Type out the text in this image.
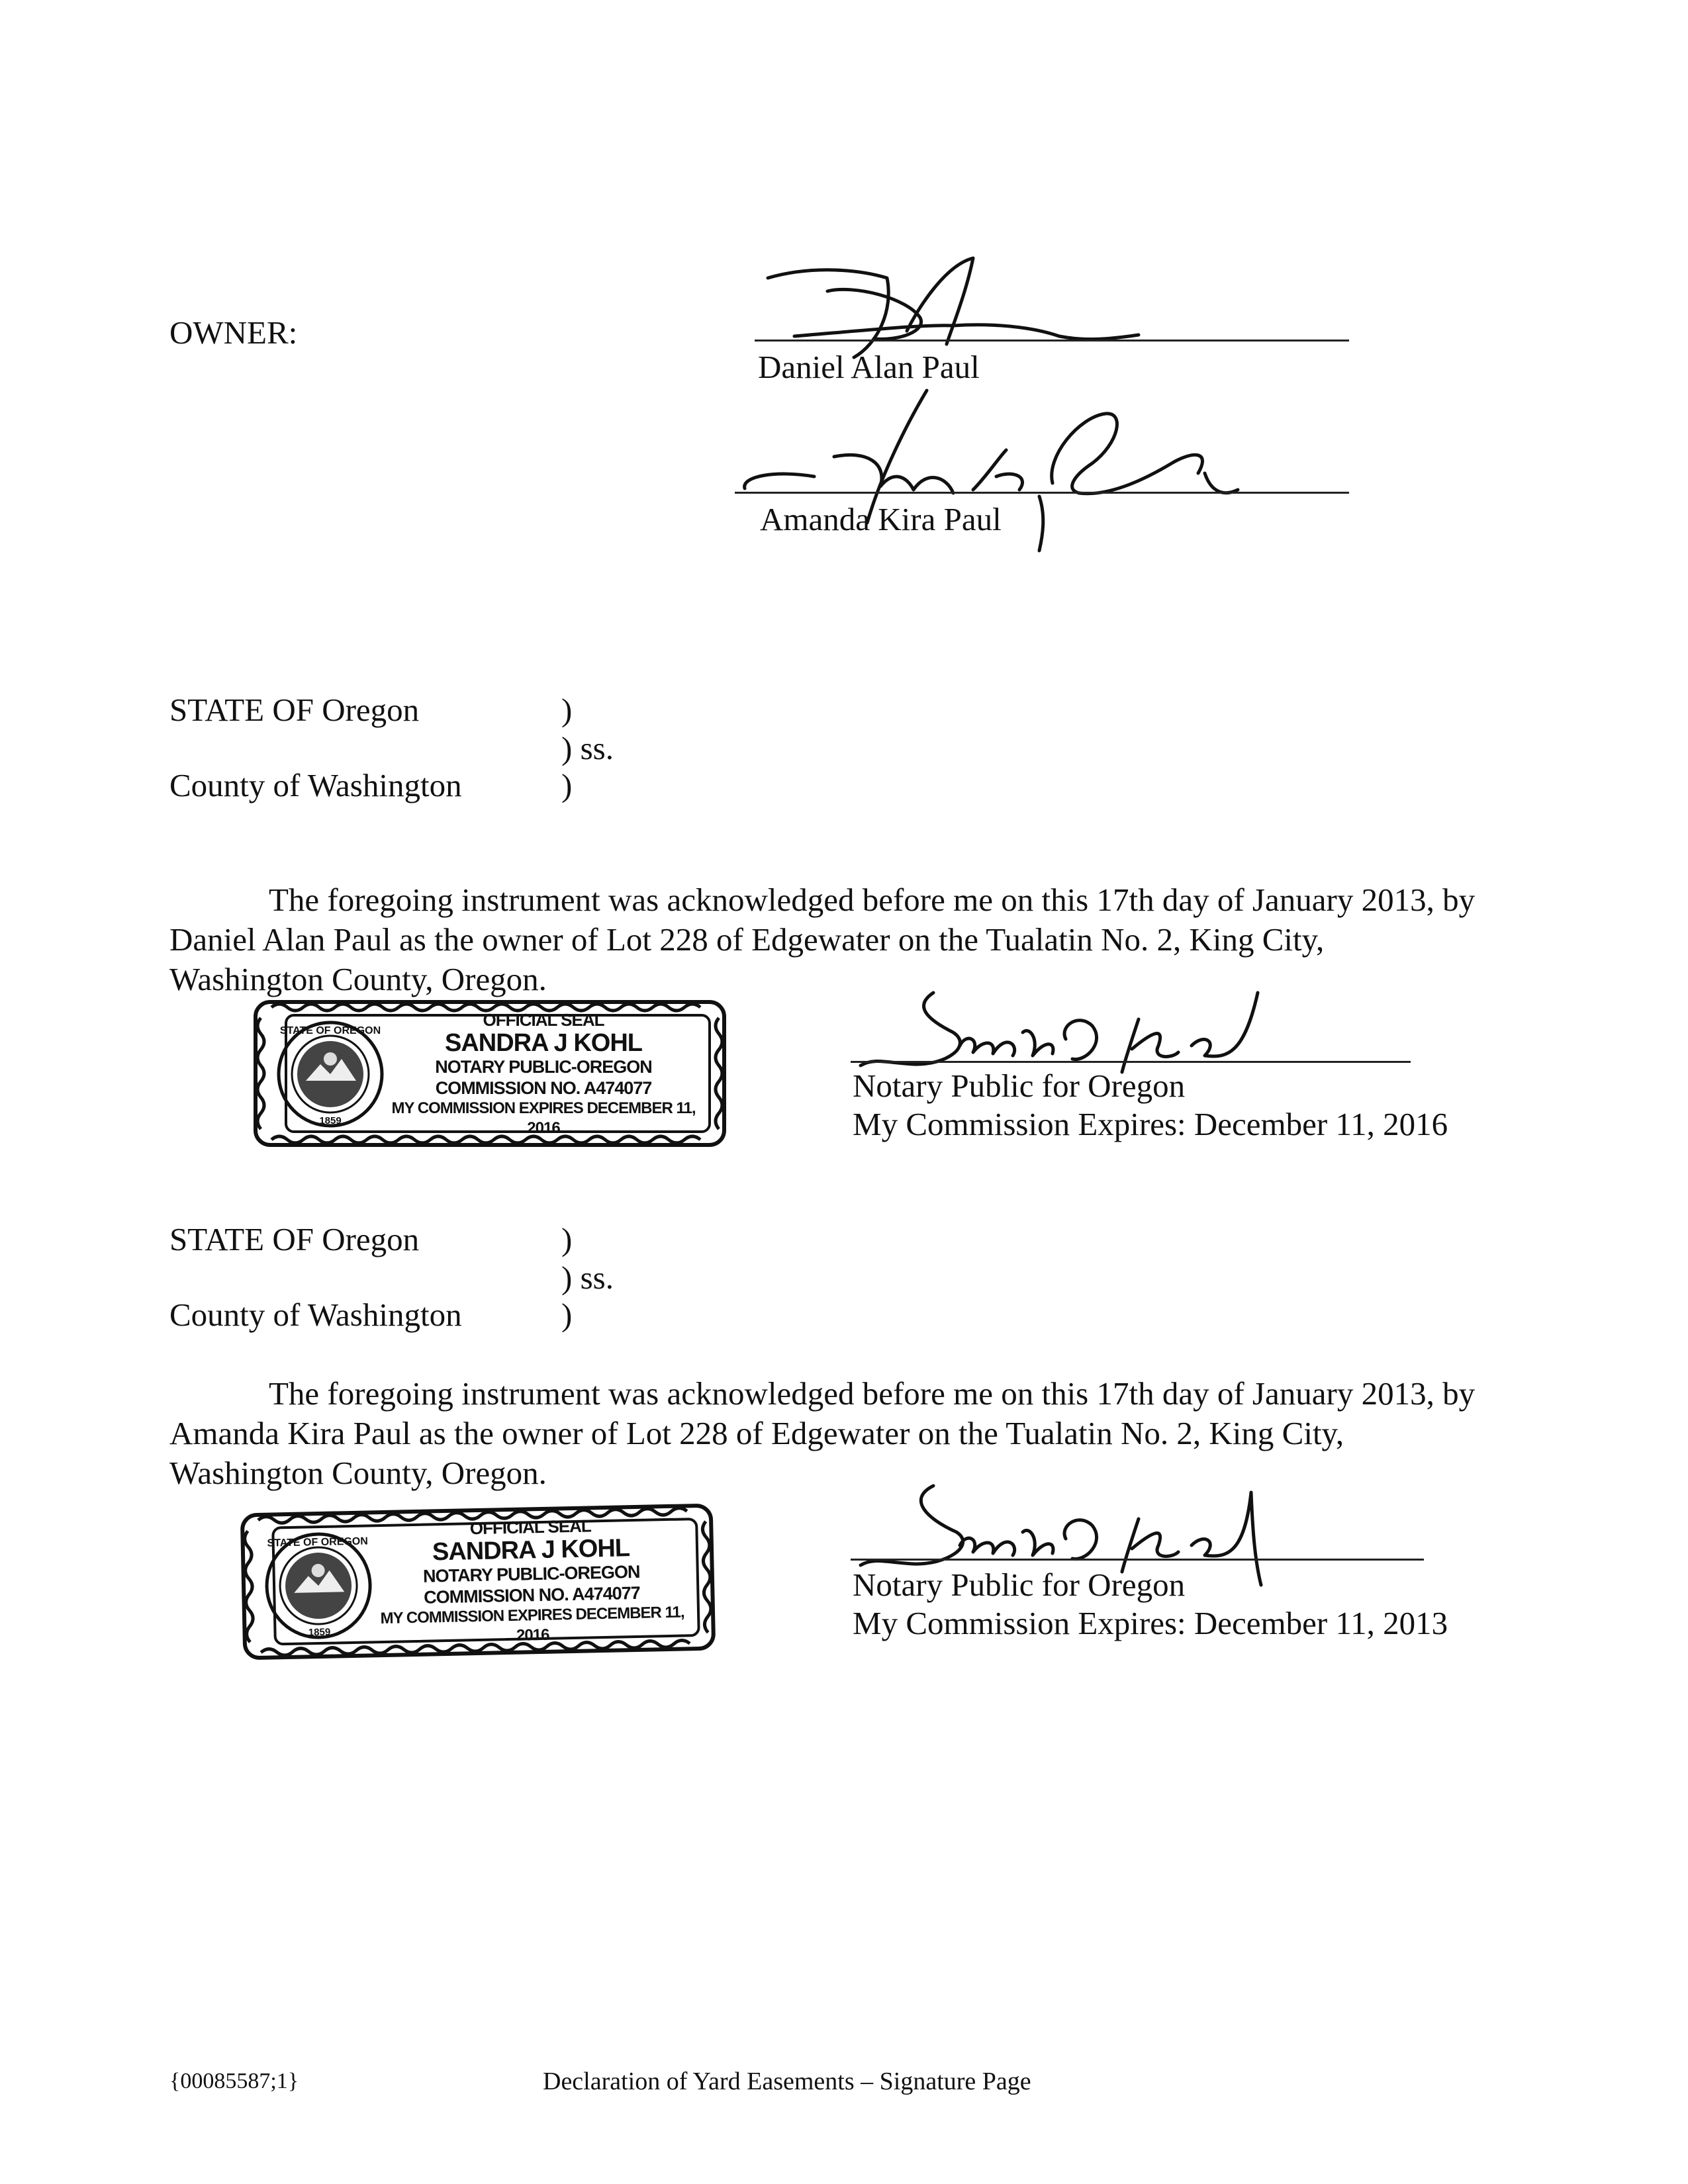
OWNER:
Daniel Alan Paul
Amanda Kira Paul
STATE OF Oregon	)
) ss.
County of Washington	)
The foregoing instrument was acknowledged before me on this 17th day of January 2013, by
Daniel Alan Paul as the owner of Lot 228 of Edgewater on the Tualatin No. 2, King City,
Washington County, Oregon.
STATE OF OREGON
1859
OFFICIAL SEAL
SANDRA J KOHL
NOTARY PUBLIC-OREGON
COMMISSION NO. A474077
MY COMMISSION EXPIRES DECEMBER 11, 2016
Notary Public for Oregon
My Commission Expires: December 11, 2016
STATE OF Oregon	)
) ss.
County of Washington	)
The foregoing instrument was acknowledged before me on this 17th day of January 2013, by
Amanda Kira Paul as the owner of Lot 228 of Edgewater on the Tualatin No. 2, King City,
Washington County, Oregon.
STATE OF OREGON
1859
OFFICIAL SEAL
SANDRA J KOHL
NOTARY PUBLIC-OREGON
COMMISSION NO. A474077
MY COMMISSION EXPIRES DECEMBER 11, 2016
Notary Public for Oregon
My Commission Expires: December 11, 2013
{00085587;1}	Declaration of Yard Easements – Signature Page
